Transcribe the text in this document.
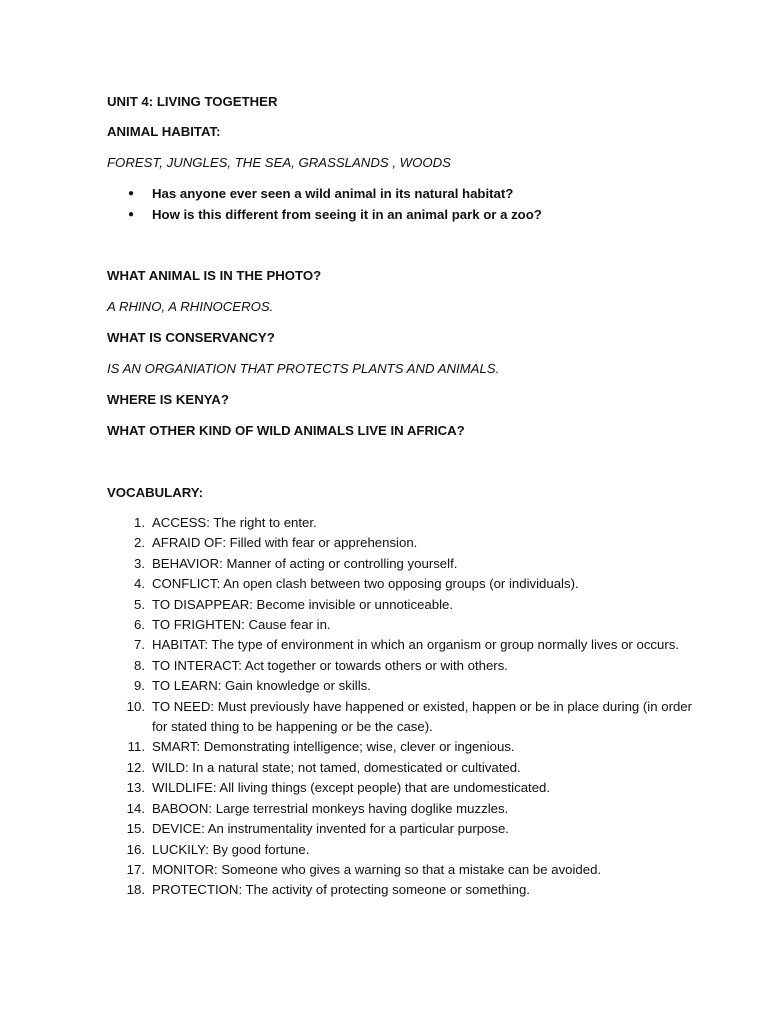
UNIT 4: LIVING TOGETHER

ANIMAL HABITAT:

FOREST, JUNGLES, THE SEA, GRASSLANDS , WOODS

● Has anyone ever seen a wild animal in its natural habitat?
● How is this different from seeing it in an animal park or a zoo?

WHAT ANIMAL IS IN THE PHOTO?

A RHINO, A RHINOCEROS.

WHAT IS CONSERVANCY?

IS AN ORGANIATION THAT PROTECTS PLANTS AND ANIMALS.

WHERE IS KENYA?

WHAT OTHER KIND OF WILD ANIMALS LIVE IN AFRICA?

VOCABULARY:

1. ACCESS: The right to enter.
2. AFRAID OF: Filled with fear or apprehension.
3. BEHAVIOR: Manner of acting or controlling yourself.
4. CONFLICT: An open clash between two opposing groups (or individuals).
5. TO DISAPPEAR: Become invisible or unnoticeable.
6. TO FRIGHTEN: Cause fear in.
7. HABITAT: The type of environment in which an organism or group normally lives or occurs.
8. TO INTERACT: Act together or towards others or with others.
9. TO LEARN: Gain knowledge or skills.
10. TO NEED: Must previously have happened or existed, happen or be in place during (in order for stated thing to be happening or be the case).
11. SMART: Demonstrating intelligence; wise, clever or ingenious.
12. WILD: In a natural state; not tamed, domesticated or cultivated.
13. WILDLIFE: All living things (except people) that are undomesticated.
14. BABOON: Large terrestrial monkeys having doglike muzzles.
15. DEVICE: An instrumentality invented for a particular purpose.
16. LUCKILY: By good fortune.
17. MONITOR: Someone who gives a warning so that a mistake can be avoided.
18. PROTECTION: The activity of protecting someone or something.
